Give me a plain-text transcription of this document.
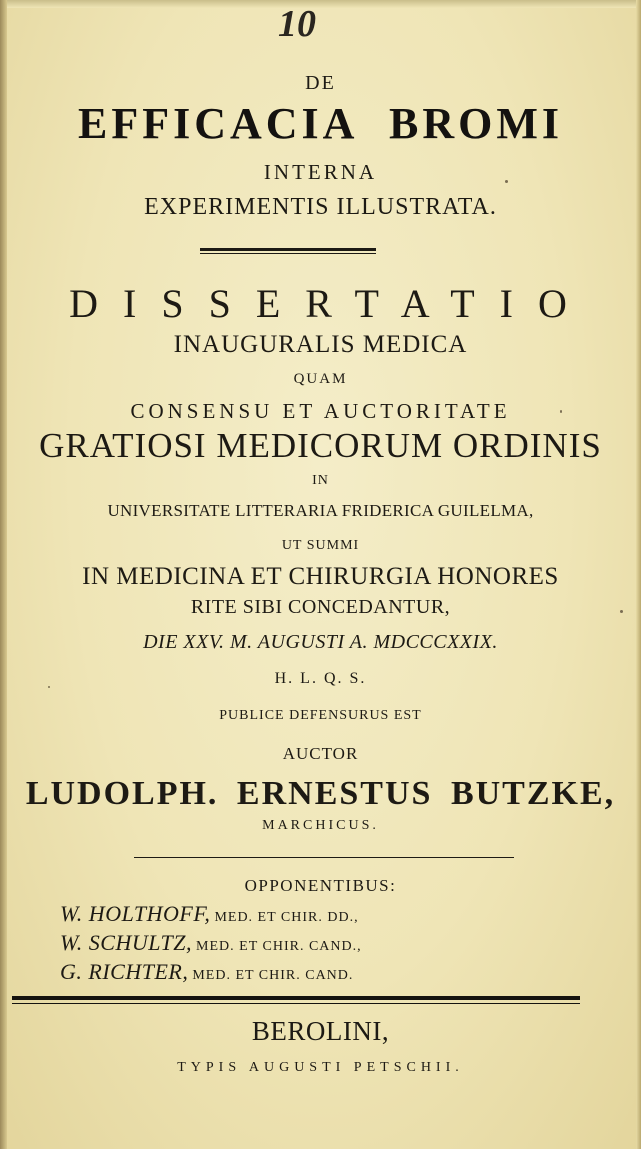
10

DE

EFFICACIA BROMI

INTERNA

EXPERIMENTIS ILLUSTRATA.

DISSERTATIO

INAUGURALIS MEDICA

QUAM

CONSENSU ET AUCTORITATE

GRATIOSI MEDICORUM ORDINIS

IN

UNIVERSITATE LITTERARIA FRIDERICA GUILELMA,

UT SUMMI

IN MEDICINA ET CHIRURGIA HONORES

RITE SIBI CONCEDANTUR,

DIE XXV. M. AUGUSTI A. MDCCCXXIX.

H. L. Q. S.

PUBLICE DEFENSURUS EST

AUCTOR

LUDOLPH. ERNESTUS BUTZKE,

MARCHICUS.

OPPONENTIBUS:

W. HOLTHOFF, MED. ET CHIR. DD.,

W. SCHULTZ, MED. ET CHIR. CAND.,

G. RICHTER, MED. ET CHIR. CAND.

BEROLINI,

TYPIS AUGUSTI PETSCHII.
